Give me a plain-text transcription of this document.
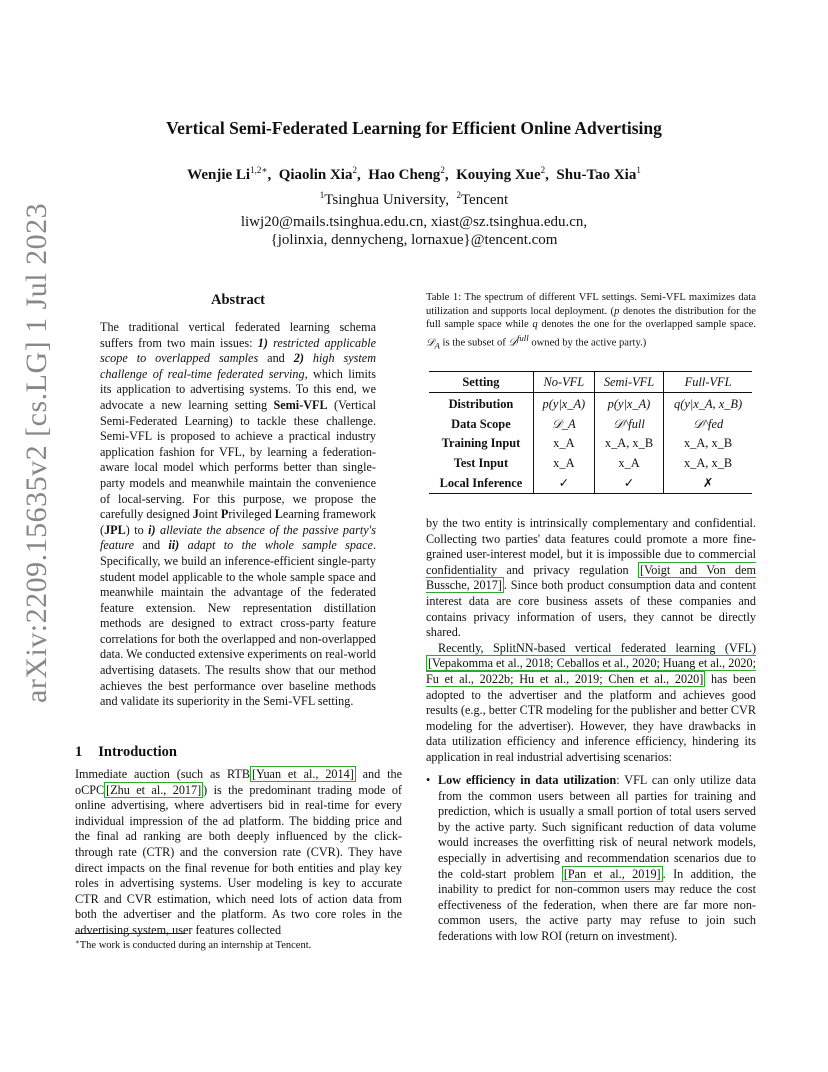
Vertical Semi-Federated Learning for Efficient Online Advertising
Wenjie $Li^{1,2∗}$,  Qiaolin Xia$^2$,  Hao Cheng$^2$,  Kouying Xue$^2$,  Shu-Tao Xia$^1$
$^1$Tsinghua University,  $^2$Tencent
liwj20@mails.tsinghua.edu.cn, xiast@sz.tsinghua.edu.cn,
{jolinxia, dennycheng, lornaxue}@tencent.com
arXiv:2209.15635v2 [cs.LG] 1 Jul 2023	Abstract

The traditional vertical federated learning schema suffers from two main issues: 1) restricted applicable scope to overlapped samples and 2) high system challenge of real-time federated serving, which limits its application to advertising systems. To this end, we advocate a new learning setting Semi-VFL (Vertical Semi-Federated Learning) to tackle these challenge. Semi-VFL is proposed to achieve a practical industry application fashion for VFL, by learning a federation-aware local model which performs better than single-party models and meanwhile maintain the convenience of local-serving. For this purpose, we propose the carefully designed Joint Privileged Learning framework (JPL) to i) alleviate the absence of the passive party's feature and ii) adapt to the whole sample space. Specifically, we build an inference-efficient single-party student model applicable to the whole sample space and meanwhile maintain the advantage of the federated feature extension. New representation distillation methods are designed to extract cross-party feature correlations for both the overlapped and non-overlapped data. We conducted extensive experiments on real-world advertising datasets. The results show that our method achieves the best performance over baseline methods and validate its superiority in the Semi-VFL setting.

1 Introduction

Immediate auction (such as RTB [Yuan et al., 2014] and the oCPC [Zhu et al., 2017] ) is the predominant trading mode of online advertising, where advertisers bid in real-time for every individual impression of the ad platform. The bidding price and the final ad ranking are both deeply influenced by the click-through rate (CTR) and the conversion rate (CVR). They have direct impacts on the final revenue for both entities and play key roles in advertising systems. User modeling is key to accurate CTR and CVR estimation, which need lots of action data from both the advertiser and the platform. As two core roles in the advertising system, user features collected

∗The work is conducted during an internship at Tencent.
Table 1: The spectrum of different VFL settings. Semi-VFL maximizes data utilization and supports local deployment. (p denotes the distribution for the full sample space while q denotes the one for the overlapped sample space. 𝒟$_A$ is the subset of 𝒟$^{full}$ owned by the active party.)
Setting	No-VFL	Semi-VFL	Full-VFL
Distribution	p(y|x_A)	p(y|x_A)	q(y|x_A, x_B)
Data Scope	𝒟_A	𝒟^full	𝒟^fed
Training Input	x_A	x_A, x_B	x_A, x_B
Test Input	x_A	x_A	x_A, x_B
Local Inference	✓	✓	✗

by the two entity is intrinsically complementary and confidential. Collecting two parties' data features could promote a more fine-grained user-interest model, but it is impossible due to commercial confidentiality and privacy regulation [Voigt and Von dem Bussche, 2017] . Since both product consumption data and content interest data are core business assets of these companies and contains privacy information of users, they cannot be directly shared.

Recently, SplitNN-based vertical federated learning (VFL)[Vepakomma et al., 2018; Ceballos et al., 2020; Huang et al., 2020; Fu et al., 2022b; Hu et al., 2019; Chen et al., 2020] has been adopted to the advertiser and the platform and achieves good results (e.g., better CTR modeling for the publisher and better CVR modeling for the advertiser). However, they have drawbacks in data utilization efficiency and inference efficiency, hindering its application in real industrial advertising scenarios:

• Low efficiency in data utilization: VFL can only utilize data from the common users between all parties for training and prediction, which is usually a small portion of total users served by the active party. Such significant reduction of data volume would increases the overfitting risk of neural network models, especially in advertising and recommendation scenarios due to the cold-start problem [Pan et al., 2019] . In addition, the inability to predict for non-common users may reduce the cost effectiveness of the federation, when there are far more non-common users, the active party may refuse to join such federations with low ROI (return on investment).
